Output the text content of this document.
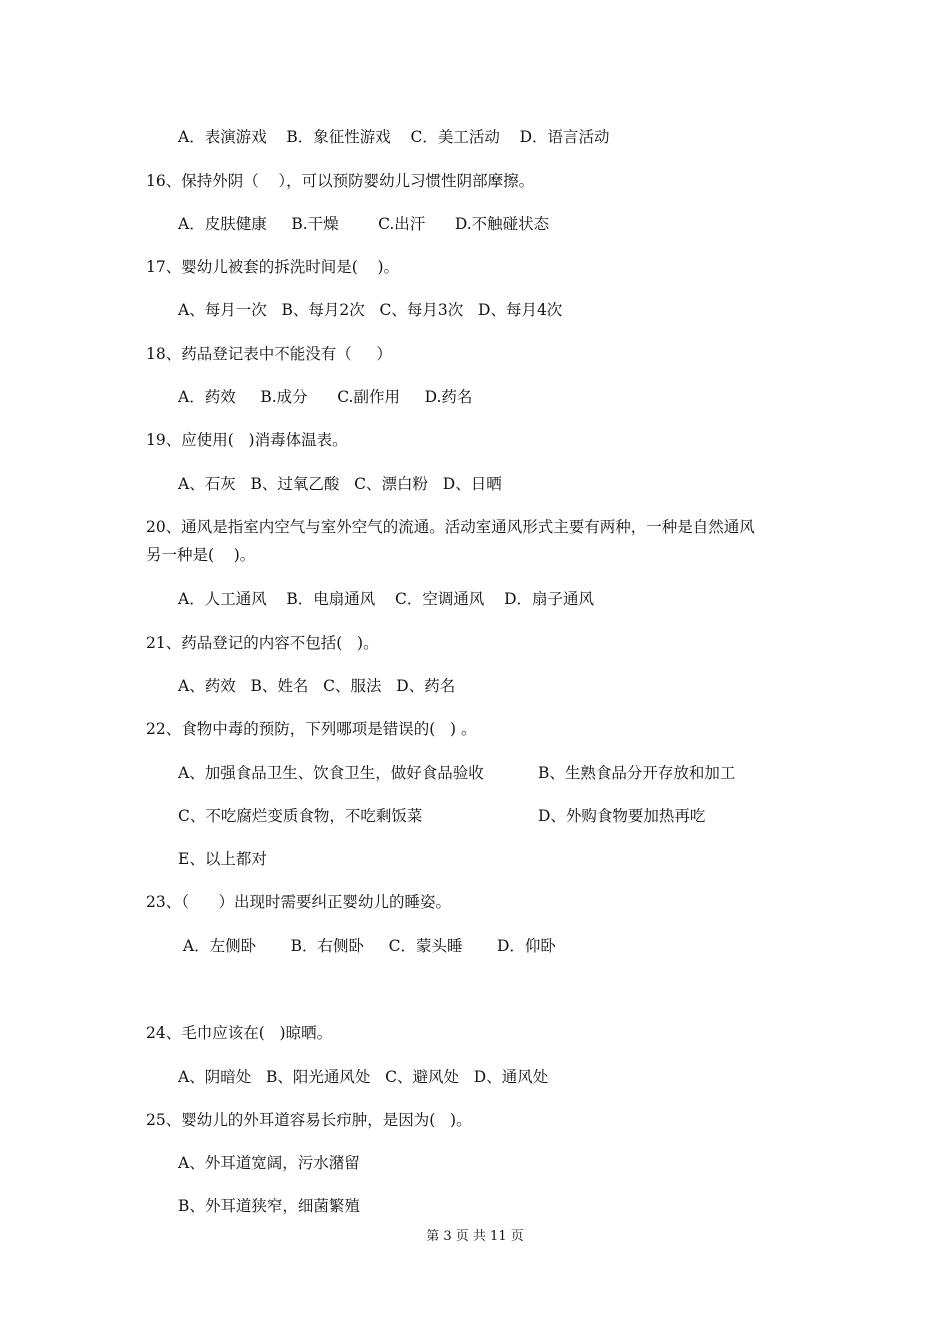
A．表演游戏    B．象征性游戏    C．美工活动    D．语言活动
16、保持外阴（    ），可以预防婴幼儿习惯性阴部摩擦。
A．皮肤健康     B.干燥        C.出汗      D.不触碰状态
17、婴幼儿被套的拆洗时间是(    )。
A、每月一次   B、每月2次   C、每月3次   D、每月4次
18、药品登记表中不能没有（     ）
A．药效     B.成分      C.副作用     D.药名
19、应使用(   )消毒体温表。
A、石灰   B、过氧乙酸   C、漂白粉   D、日晒
20、通风是指室内空气与室外空气的流通。活动室通风形式主要有两种，一种是自然通风
另一种是(    )。
A．人工通风    B．电扇通风    C．空调通风    D．扇子通风
21、药品登记的内容不包括(   )。
A、药效   B、姓名   C、服法   D、药名
22、食物中毒的预防，下列哪项是错误的(   ) 。
A、加强食品卫生、饮食卫生，做好食品验收	B、生熟食品分开存放和加工
C、不吃腐烂变质食物，不吃剩饭菜	D、外购食物要加热再吃
E、以上都对
23、（      ）出现时需要纠正婴幼儿的睡姿。
A．左侧卧       B．右侧卧     C．蒙头睡       D．仰卧
24、毛巾应该在(   )晾晒。
A、阴暗处   B、阳光通风处   C、避风处   D、通风处
25、婴幼儿的外耳道容易长疖肿，是因为(   )。
A、外耳道宽阔，污水潴留
B、外耳道狭窄，细菌繁殖
第 3 页 共 11 页
